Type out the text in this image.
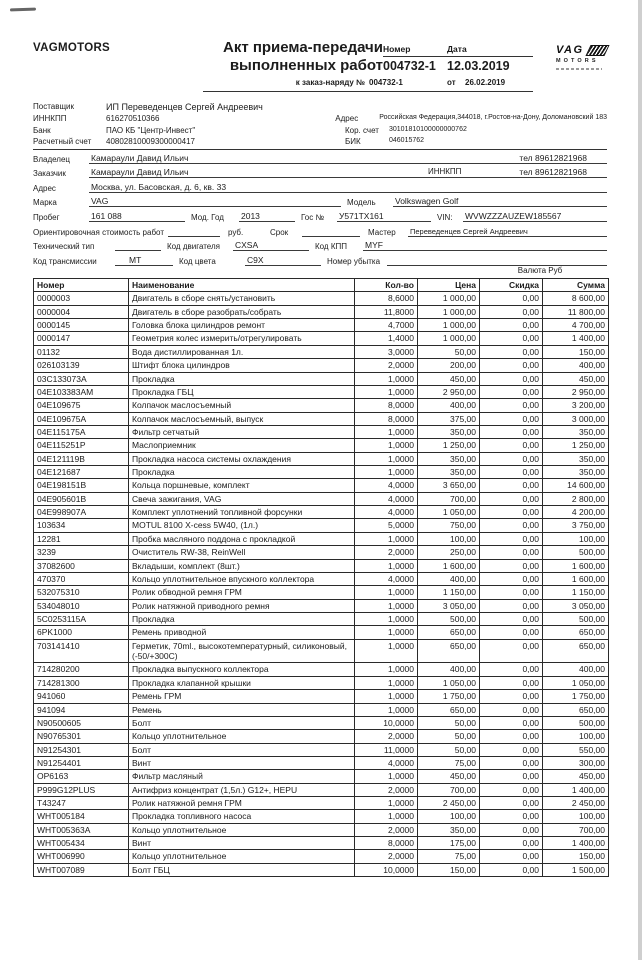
VAGMOTORS	Акт приема-передачи
выполненных работ
Номер	Дата
004732-1 12.03.2019
к заказ-наряду № 004732-1	от	26.02.2019
VAG
MOTORS
Поставщик	ИП Переведенцев Сергей Андреевич
ИННКПП	616270510366	Адрес	Российская Федерация,344018, г.Ростов-на-Дону, Доломановский 183
Банк	ПАО КБ "Центр-Инвест"	Кор. счет	30101810100000000762
Расчетный счет	40802810009300000417	БИК	046015762
Владелец	Камараули Давид Ильич	тел 89612821968
Заказчик	Камараули Давид Ильич	ИННКПП	тел 89612821968
Адрес	Москва, ул. Басовская, д. 6, кв. 33
Марка	VAG	Модель	Volkswagen Golf
Пробег	161 088	Мод. Год	2013	Гос №	У571ТХ161	VIN:	WVWZZZAUZEW185567
Ориентировочная стоимость работ	руб.	Срок	Мастер	Переведенцев Сергей Андреевич
Технический тип	Код двигателя	CXSA	Код КПП	MYF
Код трансмиссии	MT	Код цвета	C9X	Номер убытка
Валюта Руб
Номер	Наименование	Кол-во	Цена	Скидка	Сумма
0000003	Двигатель в сборе снять/установить	8,6000	1 000,00	0,00	8 600,00
0000004	Двигатель в сборе разобрать/собрать	11,8000	1 000,00	0,00	11 800,00
0000145	Головка блока цилиндров ремонт	4,7000	1 000,00	0,00	4 700,00
0000147	Геометрия колес измерить/отрегулировать	1,4000	1 000,00	0,00	1 400,00
01132	Вода дистиллированная 1л.	3,0000	50,00	0,00	150,00
026103139	Штифт блока цилиндров	2,0000	200,00	0,00	400,00
03C133073A	Прокладка	1,0000	450,00	0,00	450,00
04E103383AM	Прокладка ГБЦ	1,0000	2 950,00	0,00	2 950,00
04E109675	Колпачок маслосъемный	8,0000	400,00	0,00	3 200,00
04E109675A	Колпачок маслосъемный, выпуск	8,0000	375,00	0,00	3 000,00
04E115175A	Фильтр сетчатый	1,0000	350,00	0,00	350,00
04E115251P	Маслоприемник	1,0000	1 250,00	0,00	1 250,00
04E121119B	Прокладка насоса системы охлаждения	1,0000	350,00	0,00	350,00
04E121687	Прокладка	1,0000	350,00	0,00	350,00
04E198151B	Кольца поршневые, комплект	4,0000	3 650,00	0,00	14 600,00
04E905601B	Свеча зажигания, VAG	4,0000	700,00	0,00	2 800,00
04E998907A	Комплект уплотнений топливной форсунки	4,0000	1 050,00	0,00	4 200,00
103634	MOTUL 8100 X-cess 5W40, (1л.)	5,0000	750,00	0,00	3 750,00
12281	Пробка масляного поддона с прокладкой	1,0000	100,00	0,00	100,00
3239	Очиститель RW-38, ReinWell	2,0000	250,00	0,00	500,00
37082600	Вкладыши, комплект (8шт.)	1,0000	1 600,00	0,00	1 600,00
470370	Кольцо уплотнительное впускного коллектора	4,0000	400,00	0,00	1 600,00
532075310	Ролик обводной ремня ГРМ	1,0000	1 150,00	0,00	1 150,00
534048010	Ролик натяжной приводного ремня	1,0000	3 050,00	0,00	3 050,00
5C0253115A	Прокладка	1,0000	500,00	0,00	500,00
6PK1000	Ремень приводной	1,0000	650,00	0,00	650,00
703141410	Герметик, 70ml., высокотемпературный, силиконовый, (-50/+300C)	1,0000	650,00	0,00	650,00
714280200	Прокладка выпускного коллектора	1,0000	400,00	0,00	400,00
714281300	Прокладка клапанной крышки	1,0000	1 050,00	0,00	1 050,00
941060	Ремень ГРМ	1,0000	1 750,00	0,00	1 750,00
941094	Ремень	1,0000	650,00	0,00	650,00
N90500605	Болт	10,0000	50,00	0,00	500,00
N90765301	Кольцо уплотнительное	2,0000	50,00	0,00	100,00
N91254301	Болт	11,0000	50,00	0,00	550,00
N91254401	Винт	4,0000	75,00	0,00	300,00
OP6163	Фильтр масляный	1,0000	450,00	0,00	450,00
P999G12PLUS	Антифриз концентрат (1,5л.) G12+, HEPU	2,0000	700,00	0,00	1 400,00
T43247	Ролик натяжной ремня ГРМ	1,0000	2 450,00	0,00	2 450,00
WHT005184	Прокладка топливного насоса	1,0000	100,00	0,00	100,00
WHT005363A	Кольцо уплотнительное	2,0000	350,00	0,00	700,00
WHT005434	Винт	8,0000	175,00	0,00	1 400,00
WHT006990	Кольцо уплотнительное	2,0000	75,00	0,00	150,00
WHT007089	Болт ГБЦ	10,0000	150,00	0,00	1 500,00
